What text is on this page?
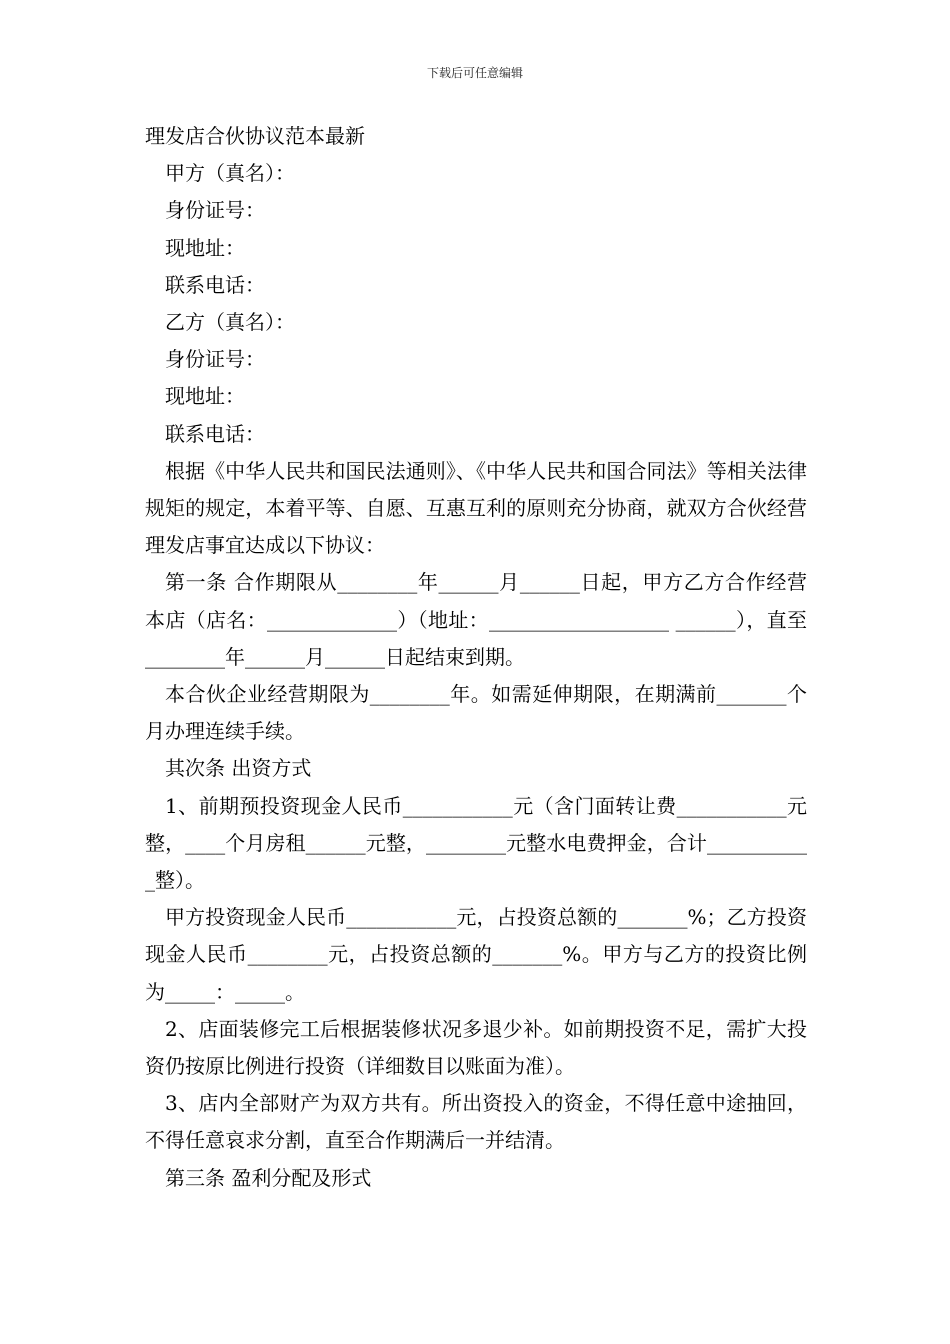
下载后可任意编辑

理发店合伙协议范本最新

甲方（真名）：

身份证号：

现地址：

联系电话：

乙方（真名）：

身份证号：

现地址：

联系电话：

根据《中华人民共和国民法通则》、《中华人民共和国合同法》等相关法律规矩的规定，本着平等、自愿、互惠互利的原则充分协商，就双方合伙经营理发店事宜达成以下协议：

第一条 合作期限从________年______月______日起，甲方乙方合作经营本店（店名：_____________）（地址：__________________ ______），直至________年______月______日起结束到期。

本合伙企业经营期限为________年。如需延伸期限，在期满前_______个月办理连续手续。

其次条 出资方式

1、前期预投资现金人民币___________元（含门面转让费___________元整，____个月房租______元整，________元整水电费押金，合计___________整）。

甲方投资现金人民币___________元，占投资总额的_______%；乙方投资现金人民币________元，占投资总额的_______%。甲方与乙方的投资比例为_____：_____。

2、店面装修完工后根据装修状况多退少补。如前期投资不足，需扩大投资仍按原比例进行投资（详细数目以账面为准）。

3、店内全部财产为双方共有。所出资投入的资金，不得任意中途抽回，不得任意哀求分割，直至合作期满后一并结清。

第三条 盈利分配及形式
